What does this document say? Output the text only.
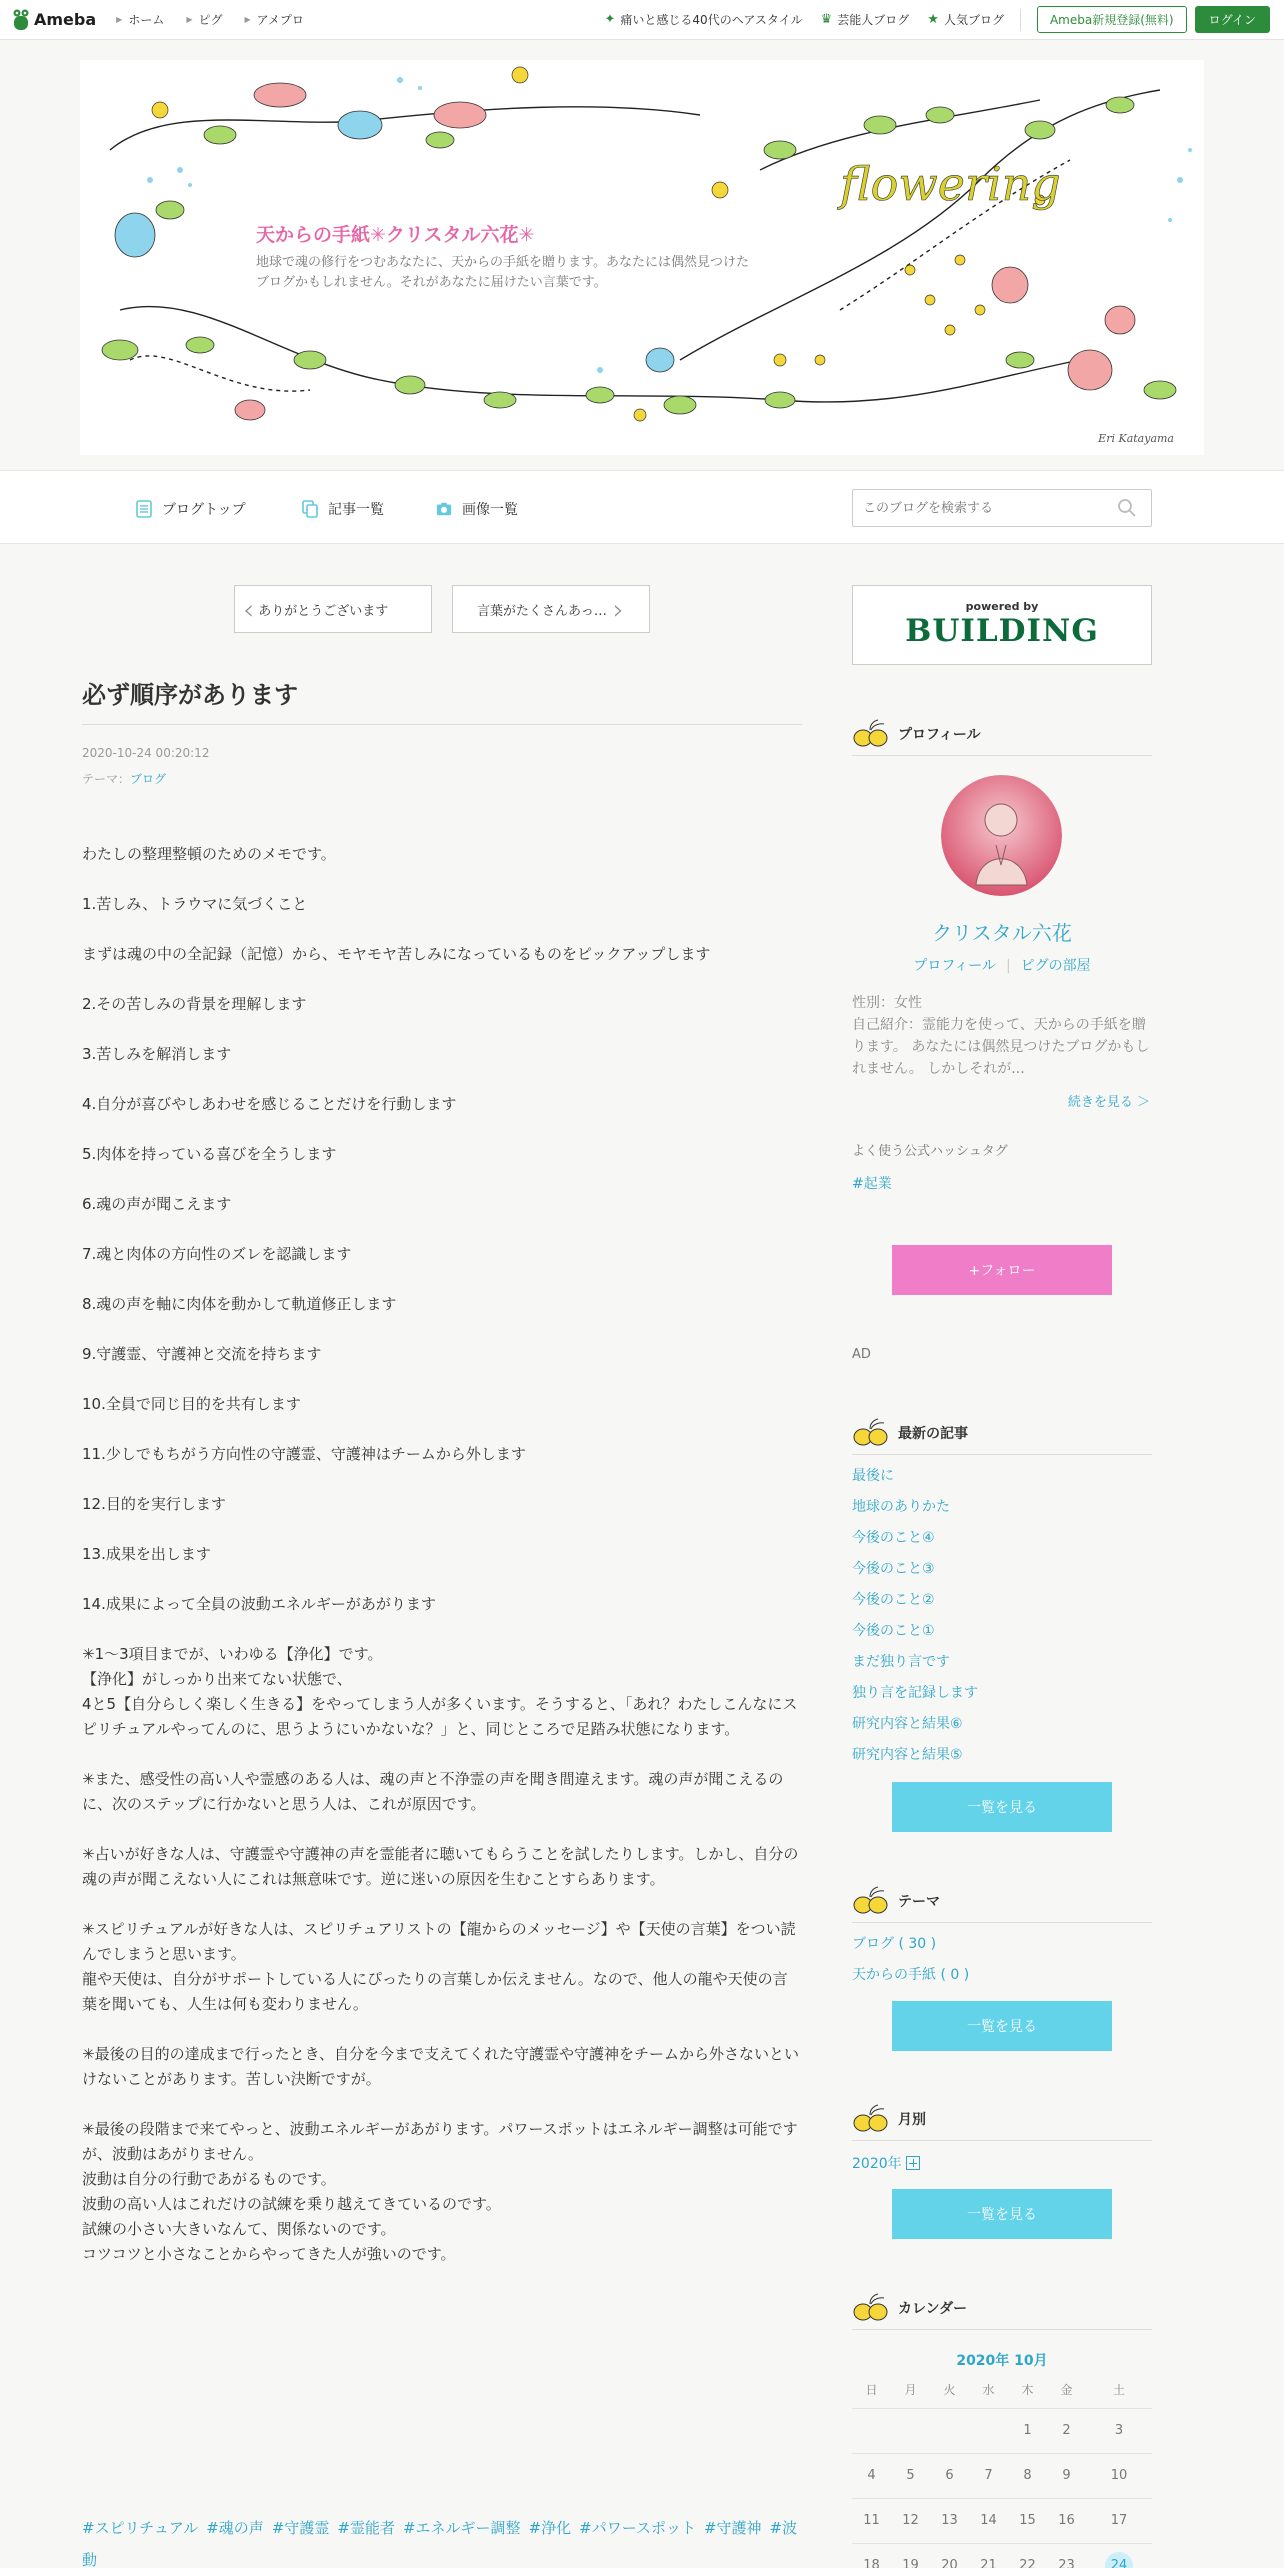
Ameba	▶ ホーム	▶ ピグ	▶ アメプロ	✦ 痛いと感じる40代のヘアスタイル ♛ 芸能人ブログ ★ 人気ブログ	Ameba新規登録(無料)	ログイン
flowering
天からの手紙✳︎クリスタル六花✳︎
地球で魂の修行をつむあなたに、天からの手紙を贈ります。あなたには偶然見つけたブログかもしれません。それがあなたに届けたい言葉です。
Eri Katayama
ブログトップ	記事一覧	画像一覧
このブログを検索する
‹ ありがとうございます	言葉がたくさんあっ… ›
必ず順序があります
2020-10-24 00:20:12
テーマ：ブログ

わたしの整理整頓のためのメモです。

1.苦しみ、トラウマに気づくこと

まずは魂の中の全記録（記憶）から、モヤモヤ苦しみになっているものをピックアップします

2.その苦しみの背景を理解します

3.苦しみを解消します

4.自分が喜びやしあわせを感じることだけを行動します

5.肉体を持っている喜びを全うします

6.魂の声が聞こえます

7.魂と肉体の方向性のズレを認識します

8.魂の声を軸に肉体を動かして軌道修正します

9.守護霊、守護神と交流を持ちます

10.全員で同じ目的を共有します

11.少しでもちがう方向性の守護霊、守護神はチームから外します

12.目的を実行します

13.成果を出します

14.成果によって全員の波動エネルギーがあがります

✳︎1〜3項目までが、いわゆる【浄化】です。
【浄化】がしっかり出来てない状態で、
4と5【自分らしく楽しく生きる】をやってしまう人が多くいます。そうすると、「あれ？わたしこんなにスピリチュアルやってんのに、思うようにいかないな？」と、同じところで足踏み状態になります。

✳︎また、感受性の高い人や霊感のある人は、魂の声と不浄霊の声を聞き間違えます。魂の声が聞こえるのに、次のステップに行かないと思う人は、これが原因です。

✳︎占いが好きな人は、守護霊や守護神の声を霊能者に聴いてもらうことを試したりします。しかし、自分の魂の声が聞こえない人にこれは無意味です。逆に迷いの原因を生むことすらあります。

✳︎スピリチュアルが好きな人は、スピリチュアリストの【龍からのメッセージ】や【天使の言葉】をつい読んでしまうと思います。
龍や天使は、自分がサポートしている人にぴったりの言葉しか伝えません。なので、他人の龍や天使の言葉を聞いても、人生は何も変わりません。

✳︎最後の目的の達成まで行ったとき、自分を今まで支えてくれた守護霊や守護神をチームから外さないといけないことがあります。苦しい決断ですが。

✳︎最後の段階まで来てやっと、波動エネルギーがあがります。パワースポットはエネルギー調整は可能ですが、波動はあがりません。
波動は自分の行動であがるものです。
波動の高い人はこれだけの試練を乗り越えてきているのです。
試練の小さい大きいなんて、関係ないのです。
コツコツと小さなことからやってきた人が強いのです。

#スピリチュアル #魂の声 #守護霊 #霊能者 #エネルギー調整 #浄化 #パワースポット #守護神 #波動
powered by
BUILDING
プロフィール
クリスタル六花
プロフィール | ピグの部屋
性別：女性
自己紹介：霊能力を使って、天からの手紙を贈ります。 あなたには偶然見つけたブログかもしれません。 しかしそれが...
続きを見る ＞
よく使う公式ハッシュタグ
#起業
+フォロー
AD
最新の記事
最後に
地球のありかた
今後のこと④
今後のこと③
今後のこと②
今後のこと①
まだ独り言です
独り言を記録します
研究内容と結果⑥
研究内容と結果⑤
一覧を見る
テーマ
ブログ ( 30 )
天からの手紙 ( 0 )
一覧を見る
月別
2020年
一覧を見る
カレンダー
2020年 10月
日	月	火	水	木	金	土
				1	2	3
4	5	6	7	8	9	10
11	12	13	14	15	16	17
18	19	20	21	22	23	24
